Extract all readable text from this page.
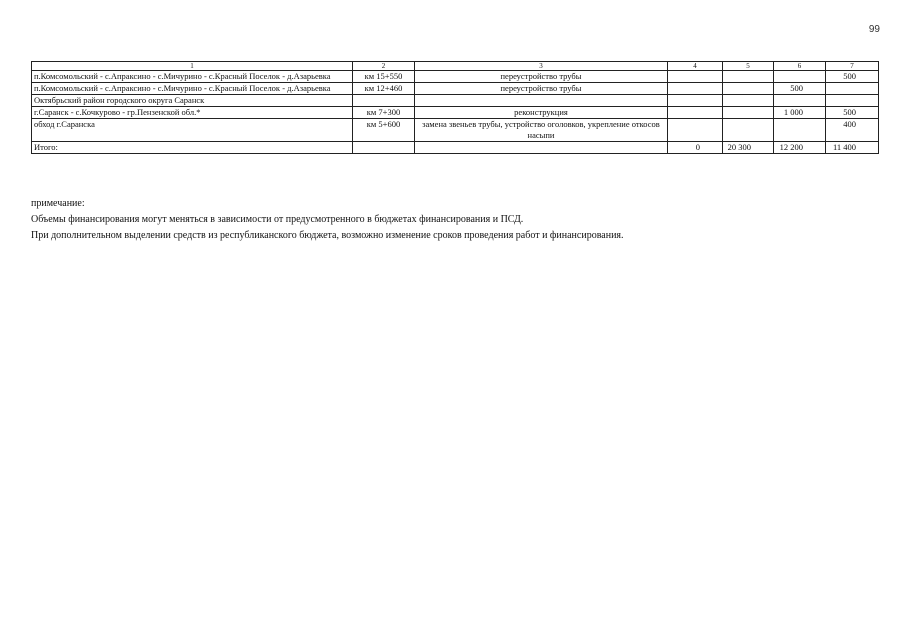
99
1	2	3	4	5	6	7
п.Комсомольский - с.Апраксино - с.Мичурино - с.Красный Поселок - д.Азарьевка	км 15+550	переустройство трубы				500
п.Комсомольский - с.Апраксино - с.Мичурино - с.Красный Поселок - д.Азарьевка	км 12+460	переустройство трубы			500	
Октябрьский район городского округа Саранск						
г.Саранск - с.Кочкурово - гр.Пензенской обл.*	км 7+300	реконструкция			1 000	500
обход г.Саранска	км 5+600	замена звеньев трубы, устройство оголовков, укрепление откосов насыпи				400
Итого:			0	20 300	12 200	11 400
примечание:
Объемы финансирования могут меняться в зависимости от предусмотренного в бюджетах финансирования и ПСД.
При дополнительном выделении средств из республиканского бюджета, возможно изменение сроков проведения работ и финансирования.
